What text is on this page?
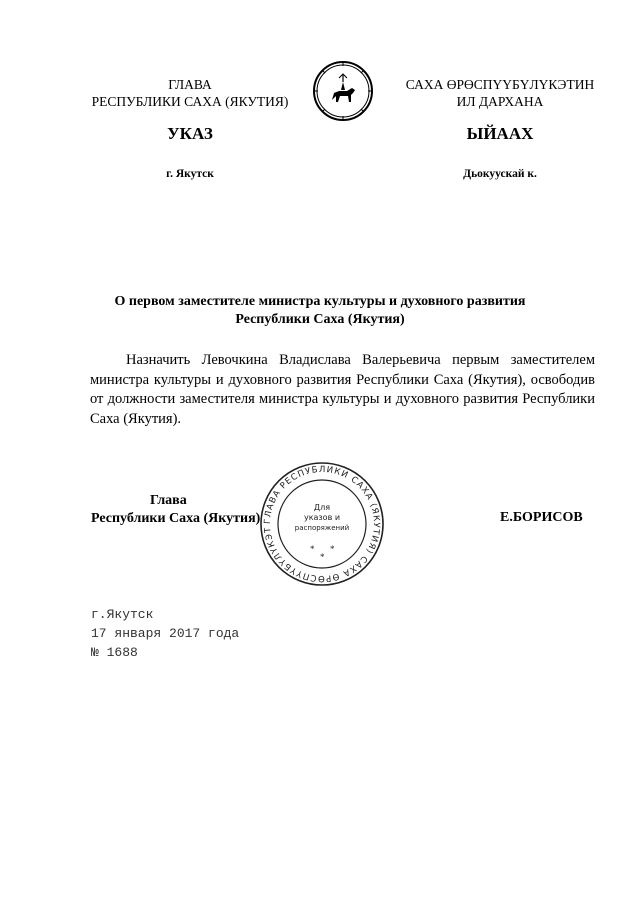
ГЛАВА
РЕСПУБЛИКИ САХА (ЯКУТИЯ)
САХА ӨРӨСПҮҮБҮЛҮКЭТИН
ИЛ ДАРХАНА
УКАЗ	ЫЙААХ
г. Якутск	Дьокуускай к.
О первом заместителе министра культуры и духовного развития
Республики Саха (Якутия)
Назначить Левочкина Владислава Валерьевича первым заместителем министра культуры и духовного развития Республики Саха (Якутия), освободив от должности заместителя министра культуры и духовного развития Республики Саха (Якутия).
ГЛАВА РЕСПУБЛИКИ САХА (ЯКУТИЯ) САХА ӨРӨСПҮҮБҮЛҮКЭТ
Для
указов и
распоряжений
* *
*
Глава
Республики Саха (Якутия)	Е.БОРИСОВ
г.Якутск
17 января 2017 года
№ 1688
